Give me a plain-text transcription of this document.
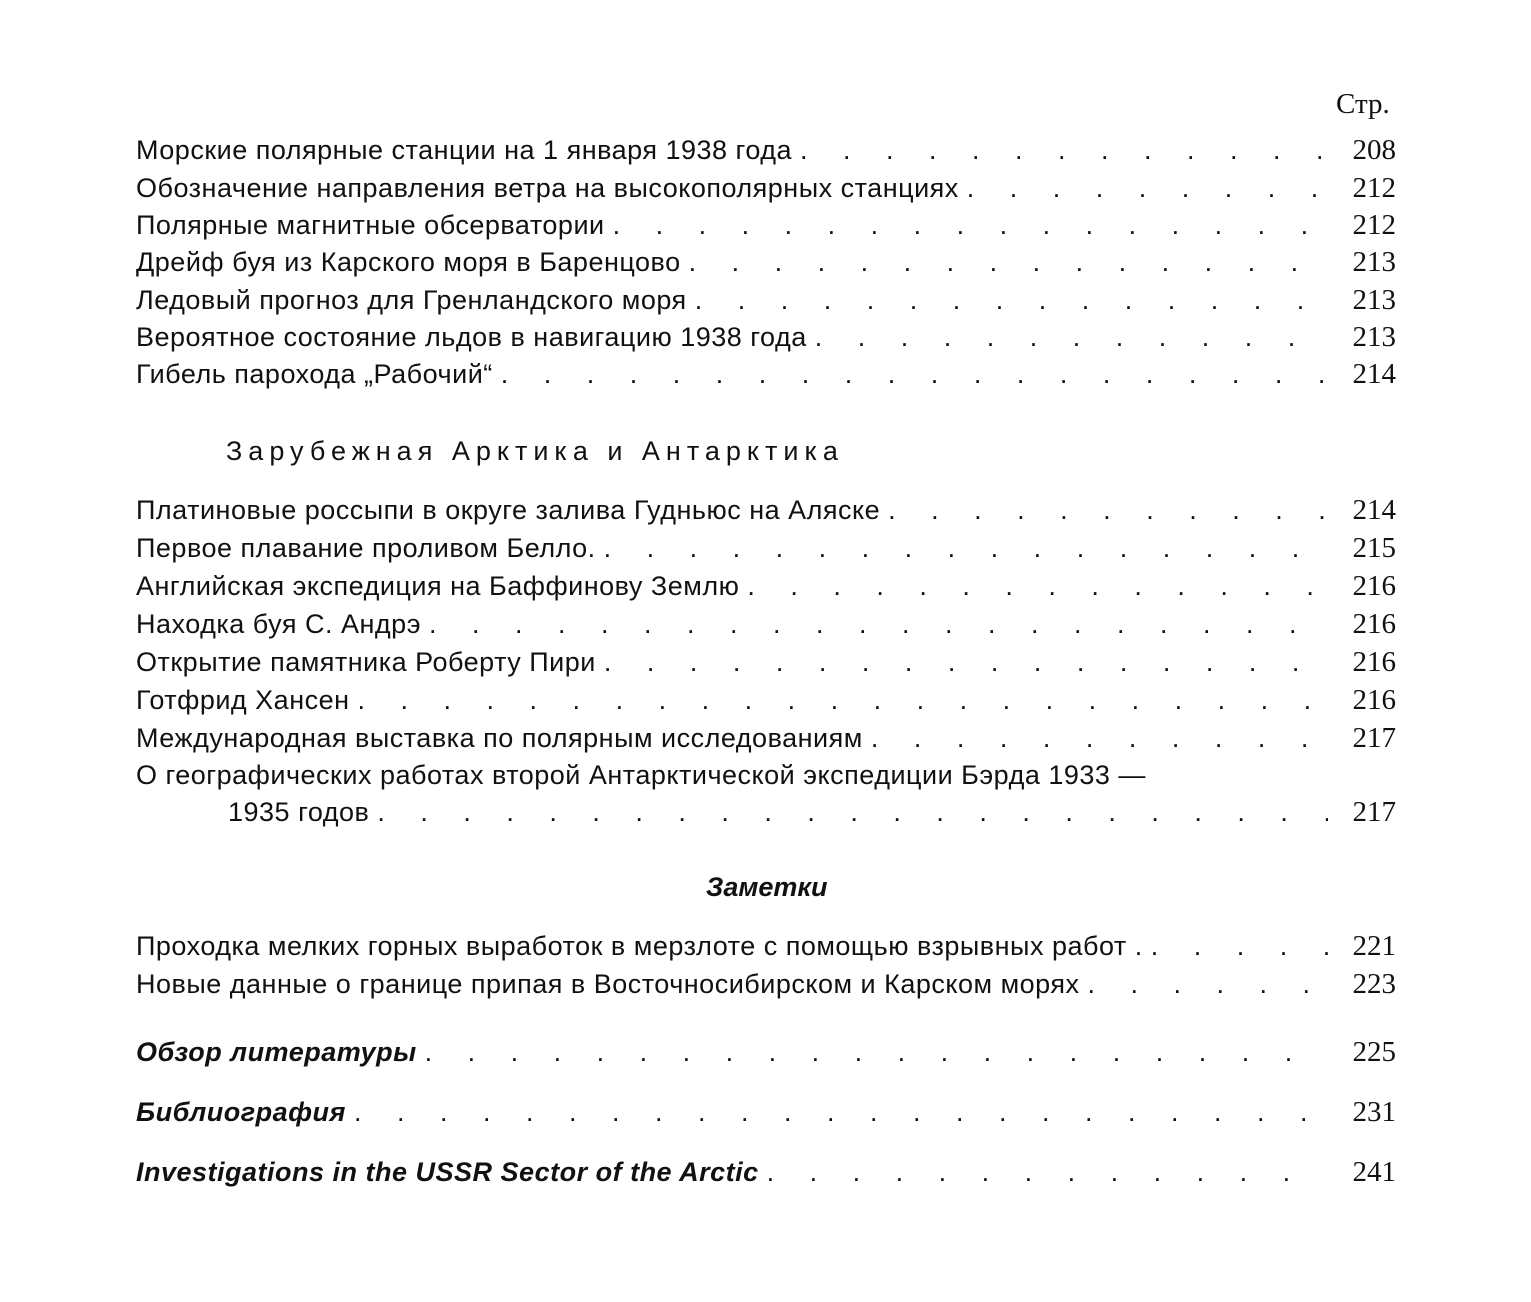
Стр.
Морские полярные станции на 1 января 1938 года . . .	208
Обозначение направления ветра на высокополярных станциях . . .	212
Полярные магнитные обсерватории . . .	212
Дрейф буя из Карского моря в Баренцово . . .	213
Ледовый прогноз для Гренландского моря . . .	213
Вероятное состояние льдов в навигацию 1938 года . . .	213
Гибель парохода „Рабочий“ . . .	214
Зарубежная Арктика и Антарктика
Платиновые россыпи в округе залива Гудньюс на Аляске . . .	214
Первое плавание проливом Белло. . . .	215
Английская экспедиция на Баффинову Землю . . .	216
Находка буя С. Андрэ . . .	216
Открытие памятника Роберту Пири . . .	216
Готфрид Хансен . . .	216
Международная выставка по полярным исследованиям . . .	217
О географических работах второй Антарктической экспедиции Бэрда 1933 —
1935 годов . . .	217
Заметки
Проходка мелких горных выработок в мерзлоте с помощью взрывных работ . . . .	221
Новые данные о границе припая в Восточносибирском и Карском морях . . .	223
Обзор литературы . . .	225
Библиография . . .	231
Investigations in the USSR Sector of the Arctic . . .	241
